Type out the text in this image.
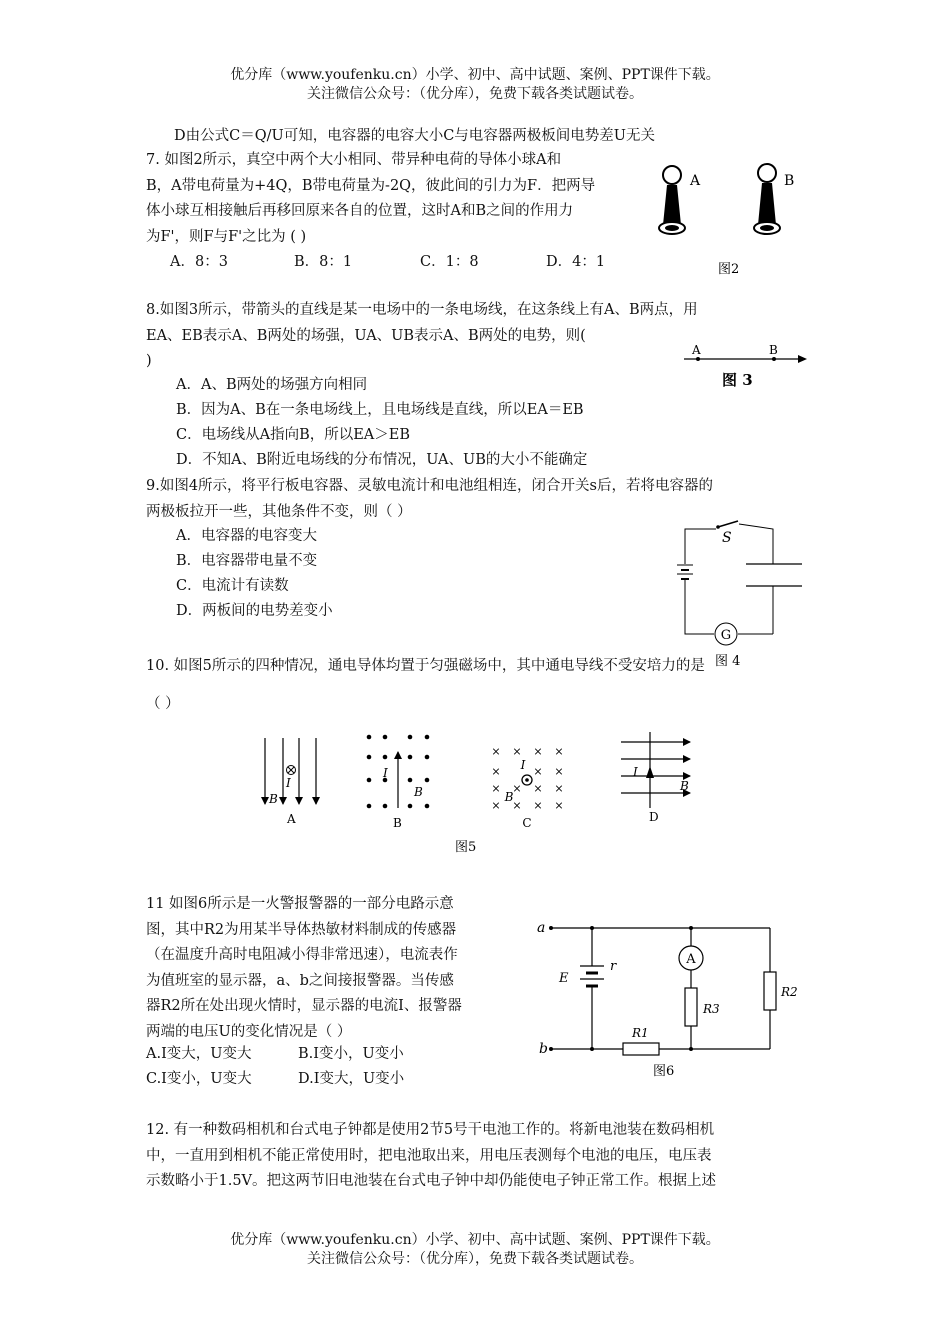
优分库（www.youfenku.cn）小学、初中、高中试题、案例、PPT课件下载。
关注微信公众号：（优分库），免费下载各类试题试卷。
D由公式C＝Q/U可知，电容器的电容大小C与电容器两极板间电势差U无关
7. 如图2所示，真空中两个大小相同、带异种电荷的导体小球A和
B，A带电荷量为+4Q，B带电荷量为-2Q，彼此间的引力为F．把两导
体小球互相接触后再移回原来各自的位置，这时A和B之间的作用力
为F'，则F与F'之比为 ( )
A．8：3	B．8：1	C．1：8	D．4：1
A	B
图2
8.如图3所示，带箭头的直线是某一电场中的一条电场线，在这条线上有A、B两点，用
EA、EB表示A、B两处的场强，UA、UB表示A、B两处的电势，则(
)
A．A、B两处的场强方向相同
B．因为A、B在一条电场线上，且电场线是直线，所以EA＝EB
C．电场线从A指向B，所以EA＞EB
D．不知A、B附近电场线的分布情况，UA、UB的大小不能确定
A	B
图 3
9.如图4所示，将平行板电容器、灵敏电流计和电池组相连，闭合开关s后，若将电容器的
两极板拉开一些，其他条件不变，则（ ）
A．电容器的电容变大
B．电容器带电量不变
C．电流计有读数
D．两板间的电势差变小
S
G
图 4
10. 如图5所示的四种情况，通电导体均置于匀强磁场中，其中通电导线不受安培力的是
（ ）
I
B
A
I
B
B
× × × ×
×	× ×
× × × ×
× × × ×
I
B
C
I
B
D
图5
11 如图6所示是一火警报警器的一部分电路示意
图，其中R2为用某半导体热敏材料制成的传感器
（在温度升高时电阻减小得非常迅速），电流表作
为值班室的显示器，a、b之间接报警器。当传感
器R2所在处出现火情时，显示器的电流I、报警器
两端的电压U的变化情况是（ ）
A.I变大，U变大	B.I变小，U变小
C.I变小，U变大	D.I变大，U变小
a
b
E
r	A
R3
R2
R1
图6
12. 有一种数码相机和台式电子钟都是使用2节5号干电池工作的。将新电池装在数码相机
中，一直用到相机不能正常使用时，把电池取出来，用电压表测每个电池的电压，电压表
示数略小于1.5V。把这两节旧电池装在台式电子钟中却仍能使电子钟正常工作。根据上述
优分库（www.youfenku.cn）小学、初中、高中试题、案例、PPT课件下载。
关注微信公众号：（优分库），免费下载各类试题试卷。
